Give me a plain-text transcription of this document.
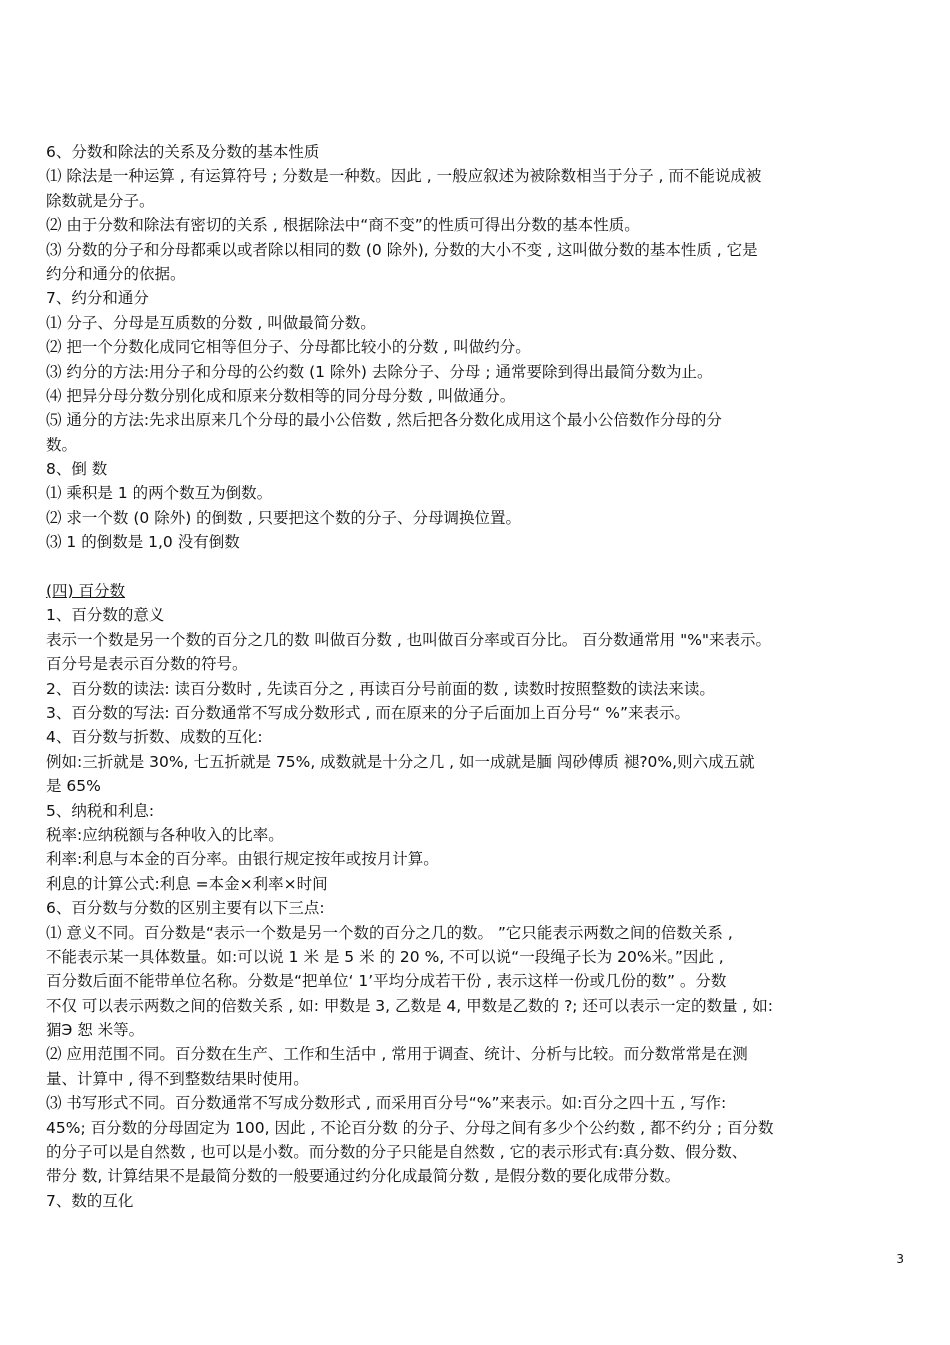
6、分数和除法的关系及分数的基本性质
⑴ 除法是一种运算 , 有运算符号 ; 分数是一种数。因此 , 一般应叙述为被除数相当于分子 , 而不能说成被
除数就是分子。
⑵ 由于分数和除法有密切的关系 , 根据除法中“商不变”的性质可得出分数的基本性质。
⑶ 分数的分子和分母都乘以或者除以相同的数 (0 除外), 分数的大小不变 , 这叫做分数的基本性质 , 它是
约分和通分的依据。
7、约分和通分
⑴ 分子、分母是互质数的分数 , 叫做最简分数。
⑵ 把一个分数化成同它相等但分子、分母都比较小的分数 , 叫做约分。
⑶ 约分的方法:用分子和分母的公约数 (1 除外) 去除分子、分母 ; 通常要除到得出最简分数为止。
⑷ 把异分母分数分别化成和原来分数相等的同分母分数 , 叫做通分。
⑸ 通分的方法:先求出原来几个分母的最小公倍数 , 然后把各分数化成用这个最小公倍数作分母的分
数。
8、倒 数
⑴ 乘积是 1 的两个数互为倒数。
⑵ 求一个数 (0 除外) 的倒数 , 只要把这个数的分子、分母调换位置。
⑶ 1 的倒数是 1,0 没有倒数
(四) 百分数
1、百分数的意义
表示一个数是另一个数的百分之几的数 叫做百分数 , 也叫做百分率或百分比。 百分数通常用 "%"来表示。
百分号是表示百分数的符号。
2、百分数的读法: 读百分数时 , 先读百分之 , 再读百分号前面的数 , 读数时按照整数的读法来读。
3、百分数的写法: 百分数通常不写成分数形式 , 而在原来的分子后面加上百分号“ %”来表示。
4、百分数与折数、成数的互化:
例如:三折就是 30%, 七五折就是 75%, 成数就是十分之几 , 如一成就是腼 闯砂傅质 褪?0%,则六成五就
是 65%
5、纳税和利息:
税率:应纳税额与各种收入的比率。
利率:利息与本金的百分率。由银行规定按年或按月计算。
利息的计算公式:利息 =本金×利率×时间
6、百分数与分数的区别主要有以下三点:
⑴ 意义不同。百分数是“表示一个数是另一个数的百分之几的数。 ”它只能表示两数之间的倍数关系 ,
不能表示某一具体数量。如:可以说 1 米 是 5 米 的 20 %, 不可以说“一段绳子长为 20%米。”因此 ,
百分数后面不能带单位名称。分数是“把单位‘ 1’平均分成若干份 , 表示这样一份或几份的数” 。分数
不仅 可以表示两数之间的倍数关系 , 如: 甲数是 3, 乙数是 4, 甲数是乙数的 ?; 还可以表示一定的数量 , 如:
猸Э 恕 米等。
⑵ 应用范围不同。百分数在生产、工作和生活中 , 常用于调查、统计、分析与比较。而分数常常是在测
量、计算中 , 得不到整数结果时使用。
⑶ 书写形式不同。百分数通常不写成分数形式 , 而采用百分号“%”来表示。如:百分之四十五 , 写作:
45%; 百分数的分母固定为 100, 因此 , 不论百分数 的分子、分母之间有多少个公约数 , 都不约分 ; 百分数
的分子可以是自然数 , 也可以是小数。而分数的分子只能是自然数 , 它的表示形式有:真分数、假分数、
带分 数, 计算结果不是最简分数的一般要通过约分化成最简分数 , 是假分数的要化成带分数。
7、数的互化
3
